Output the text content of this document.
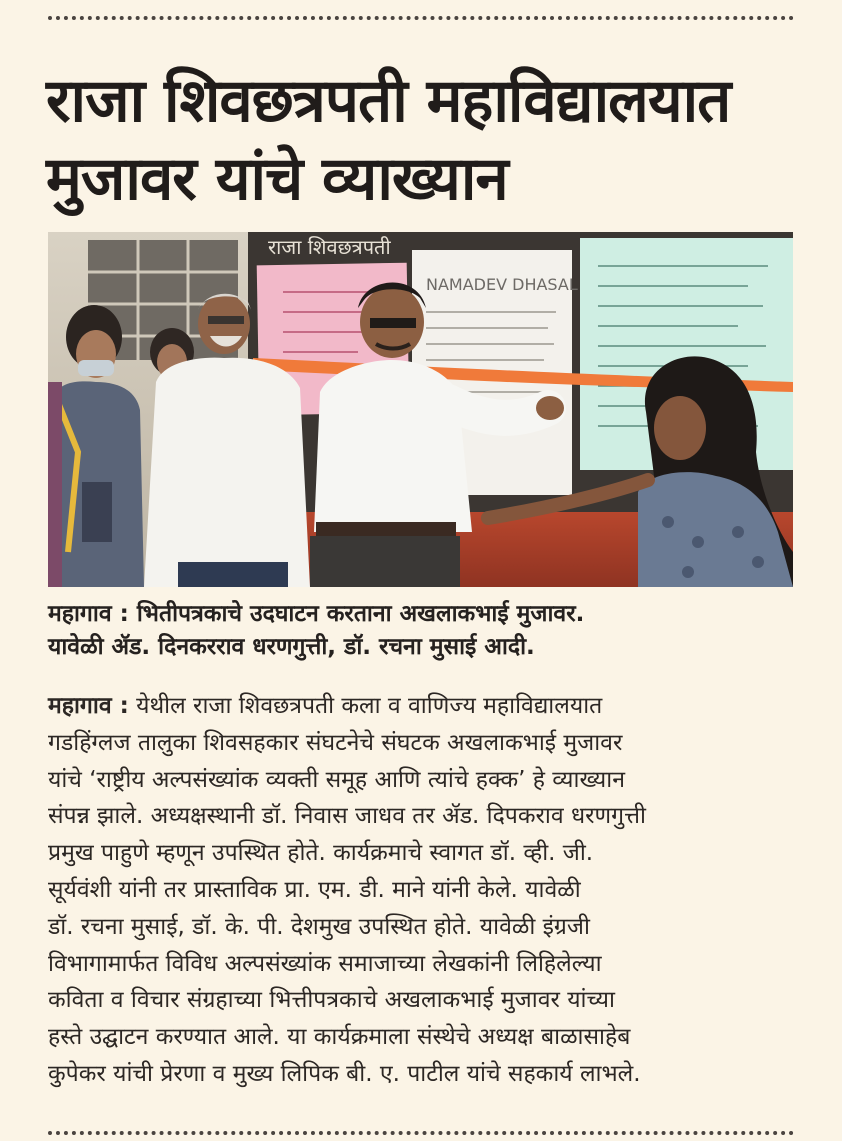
राजा शिवछत्रपती महाविद्यालयात
मुजावर यांचे व्याख्यान
राजा शिवछत्रपती
NAMADEV DHASAL

महागाव : भितीपत्रकाचे उदघाटन करताना अखलाकभाई मुजावर.
यावेळी ॲड. दिनकरराव धरणगुत्ती, डॉ. रचना मुसाई आदी.

महागाव : येथील राजा शिवछत्रपती कला व वाणिज्य महाविद्यालयात
गडहिंग्लज तालुका शिवसहकार संघटनेचे संघटक अखलाकभाई मुजावर
यांचे ‘राष्ट्रीय अल्पसंख्यांक व्यक्ती समूह आणि त्यांचे हक्क’ हे व्याख्यान
संपन्न झाले. अध्यक्षस्थानी डॉ. निवास जाधव तर ॲड. दिपकराव धरणगुत्ती
प्रमुख पाहुणे म्हणून उपस्थित होते. कार्यक्रमाचे स्वागत डॉ. व्ही. जी.
सूर्यवंशी यांनी तर प्रास्ताविक प्रा. एम. डी. माने यांनी केले. यावेळी
डॉ. रचना मुसाई, डॉ. के. पी. देशमुख उपस्थित होते. यावेळी इंग्रजी
विभागामार्फत विविध अल्पसंख्यांक समाजाच्या लेखकांनी लिहिलेल्या
कविता व विचार संग्रहाच्या भित्तीपत्रकाचे अखलाकभाई मुजावर यांच्या
हस्ते उद्घाटन करण्यात आले. या कार्यक्रमाला संस्थेचे अध्यक्ष बाळासाहेब
कुपेकर यांची प्रेरणा व मुख्य लिपिक बी. ए. पाटील यांचे सहकार्य लाभले.
